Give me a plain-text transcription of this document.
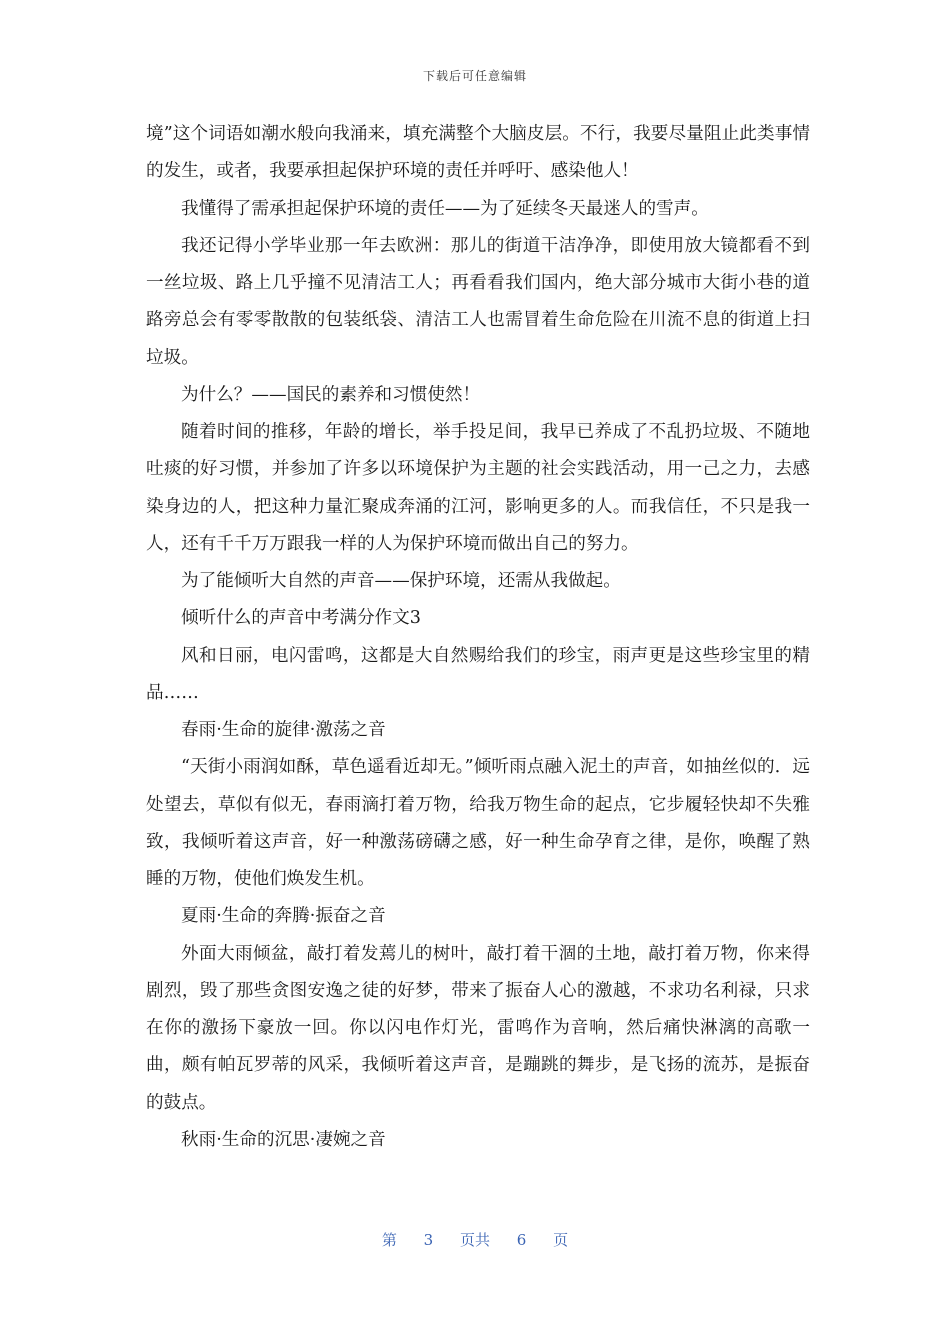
下载后可任意编辑

境”这个词语如潮水般向我涌来，填充满整个大脑皮层。不行，我要尽量阻止此类事情的发生，或者，我要承担起保护环境的责任并呼吁、感染他人！

我懂得了需承担起保护环境的责任——为了延续冬天最迷人的雪声。

我还记得小学毕业那一年去欧洲：那儿的街道干洁净净，即使用放大镜都看不到一丝垃圾、路上几乎撞不见清洁工人；再看看我们国内，绝大部分城市大街小巷的道路旁总会有零零散散的包装纸袋、清洁工人也需冒着生命危险在川流不息的街道上扫垃圾。

为什么？——国民的素养和习惯使然！

随着时间的推移，年龄的增长，举手投足间，我早已养成了不乱扔垃圾、不随地吐痰的好习惯，并参加了许多以环境保护为主题的社会实践活动，用一己之力，去感染身边的人，把这种力量汇聚成奔涌的江河，影响更多的人。而我信任，不只是我一人，还有千千万万跟我一样的人为保护环境而做出自己的努力。

为了能倾听大自然的声音——保护环境，还需从我做起。

倾听什么的声音中考满分作文3

风和日丽，电闪雷鸣，这都是大自然赐给我们的珍宝，雨声更是这些珍宝里的精品……

春雨·生命的旋律·激荡之音

“天街小雨润如酥，草色遥看近却无。”倾听雨点融入泥土的声音，如抽丝似的．远处望去，草似有似无，春雨滴打着万物，给我万物生命的起点，它步履轻快却不失雅致，我倾听着这声音，好一种激荡磅礴之感，好一种生命孕育之律，是你，唤醒了熟睡的万物，使他们焕发生机。

夏雨·生命的奔腾·振奋之音

外面大雨倾盆，敲打着发蔫儿的树叶，敲打着干涸的土地，敲打着万物，你来得剧烈，毁了那些贪图安逸之徒的好梦，带来了振奋人心的激越，不求功名利禄，只求在你的激扬下豪放一回。你以闪电作灯光，雷鸣作为音响，然后痛快淋漓的高歌一曲，颇有帕瓦罗蒂的风采，我倾听着这声音，是蹦跳的舞步，是飞扬的流苏，是振奋的鼓点。

秋雨·生命的沉思·凄婉之音

第 3 页共 6 页
